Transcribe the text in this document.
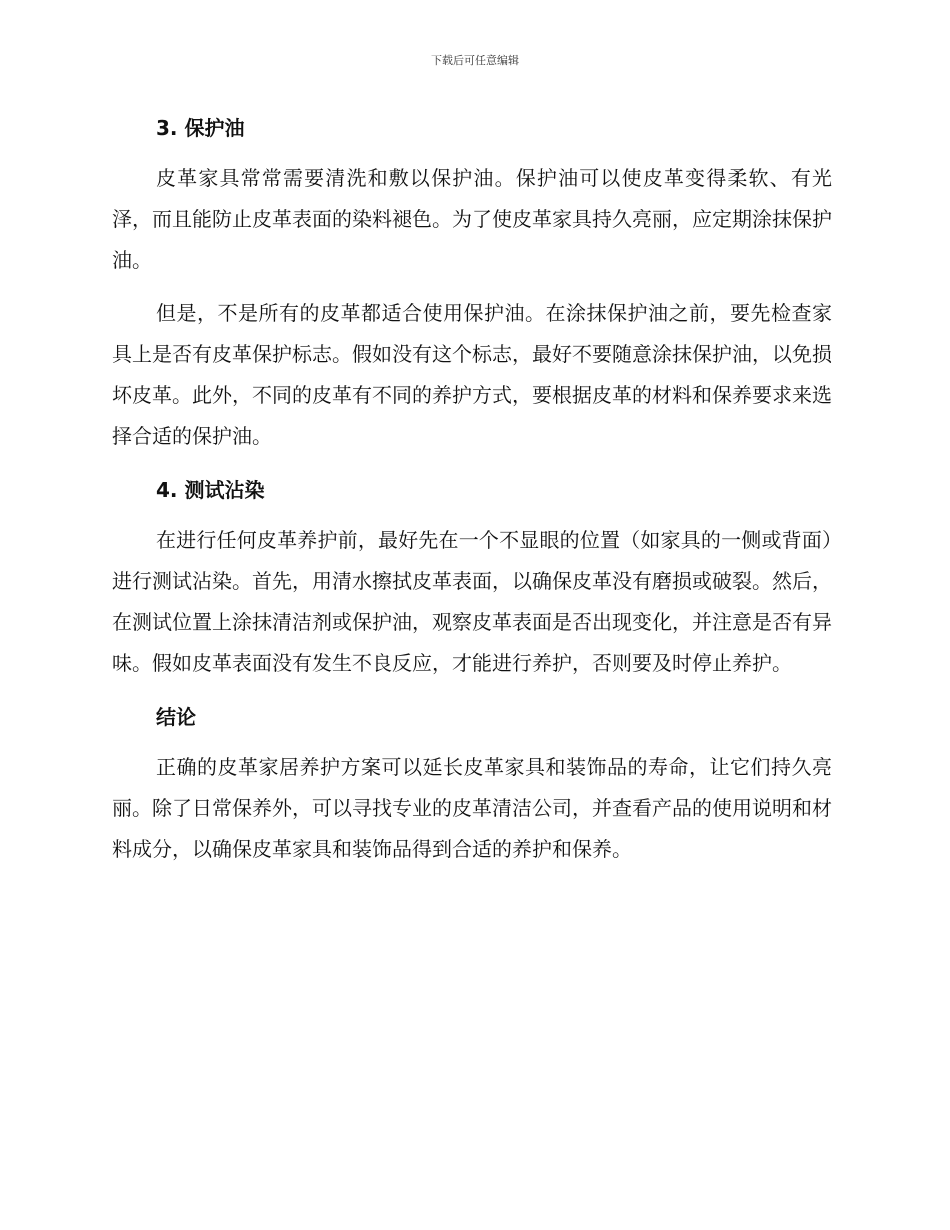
下载后可任意编辑
3. 保护油

皮革家具常常需要清洗和敷以保护油。保护油可以使皮革变得柔软、有光泽，而且能防止皮革表面的染料褪色。为了使皮革家具持久亮丽，应定期涂抹保护油。

但是，不是所有的皮革都适合使用保护油。在涂抹保护油之前，要先检查家具上是否有皮革保护标志。假如没有这个标志，最好不要随意涂抹保护油，以免损坏皮革。此外，不同的皮革有不同的养护方式，要根据皮革的材料和保养要求来选择合适的保护油。

4. 测试沾染

在进行任何皮革养护前，最好先在一个不显眼的位置（如家具的一侧或背面）进行测试沾染。首先，用清水擦拭皮革表面，以确保皮革没有磨损或破裂。然后，在测试位置上涂抹清洁剂或保护油，观察皮革表面是否出现变化，并注意是否有异味。假如皮革表面没有发生不良反应，才能进行养护，否则要及时停止养护。

结论

正确的皮革家居养护方案可以延长皮革家具和装饰品的寿命，让它们持久亮丽。除了日常保养外，可以寻找专业的皮革清洁公司，并查看产品的使用说明和材料成分，以确保皮革家具和装饰品得到合适的养护和保养。
